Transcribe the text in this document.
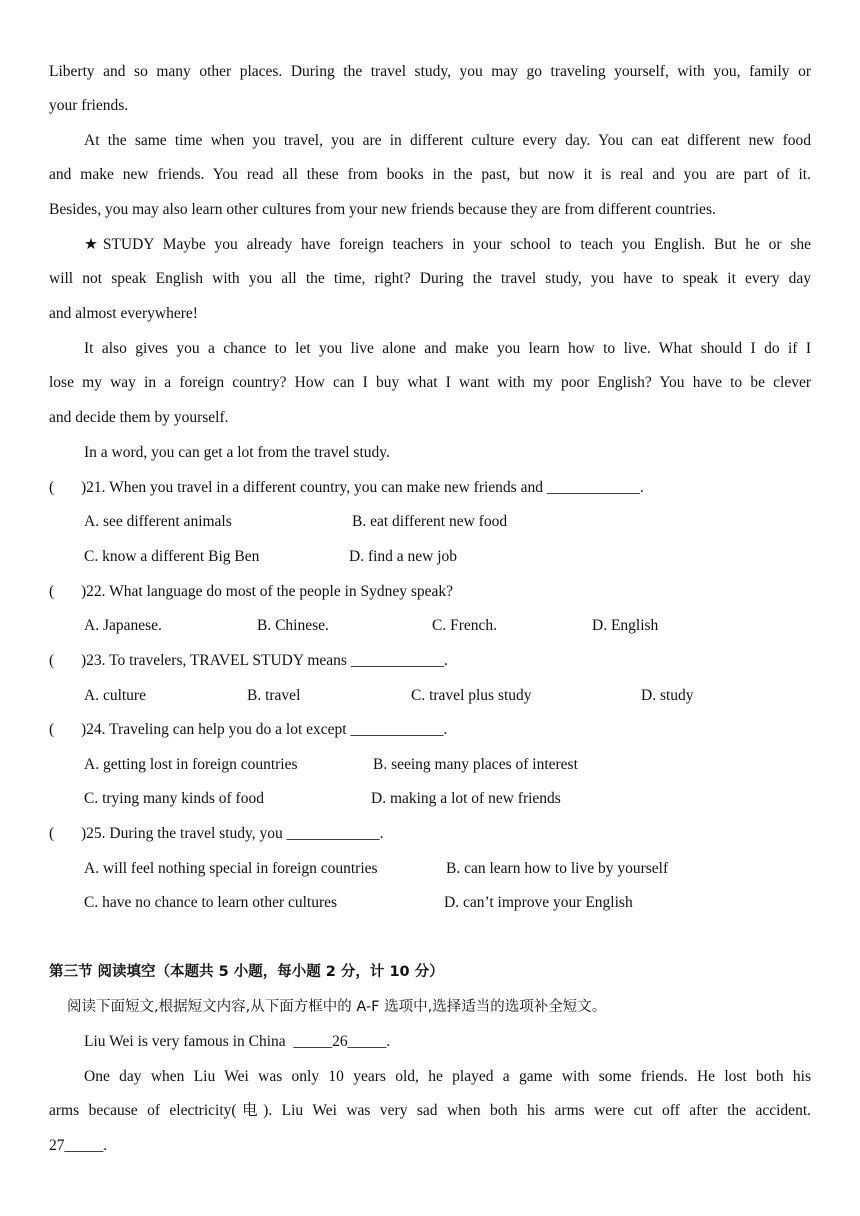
Liberty and so many other places. During the travel study, you may go traveling yourself, with you, family or
your friends.
At the same time when you travel, you are in different culture every day. You can eat different new food
and make new friends. You read all these from books in the past, but now it is real and you are part of it.
Besides, you may also learn other cultures from your new friends because they are from different countries.
★STUDY Maybe you already have foreign teachers in your school to teach you English. But he or she
will not speak English with you all the time, right? During the travel study, you have to speak it every day
and almost everywhere!
It also gives you a chance to let you live alone and make you learn how to live. What should I do if I
lose my way in a foreign country? How can I buy what I want with my poor English? You have to be clever
and decide them by yourself.
In a word, you can get a lot from the travel study.
( )21. When you travel in a different country, you can make new friends and ____________.
A. see different animals	B. eat different new food
C. know a different Big Ben	D. find a new job
( )22. What language do most of the people in Sydney speak?
A. Japanese.	B. Chinese.	C. French.	D. English
( )23. To travelers, TRAVEL STUDY means ____________.
A. culture	B. travel	C. travel plus study	D. study
( )24. Traveling can help you do a lot except ____________.
A. getting lost in foreign countries	B. seeing many places of interest
C. trying many kinds of food	D. making a lot of new friends
( )25. During the travel study, you ____________.
A. will feel nothing special in foreign countries	B. can learn how to live by yourself
C. have no chance to learn other cultures	D. can’t improve your English
第三节 阅读填空（本题共 5 小题，每小题 2 分，计 10 分）
阅读下面短文,根据短文内容,从下面方框中的 A-F 选项中,选择适当的选项补全短文。
Liu Wei is very famous in China _____26_____.
One day when Liu Wei was only 10 years old, he played a game with some friends. He lost both his
arms because of electricity(电). Liu Wei was very sad when both his arms were cut off after the accident.
27_____.
